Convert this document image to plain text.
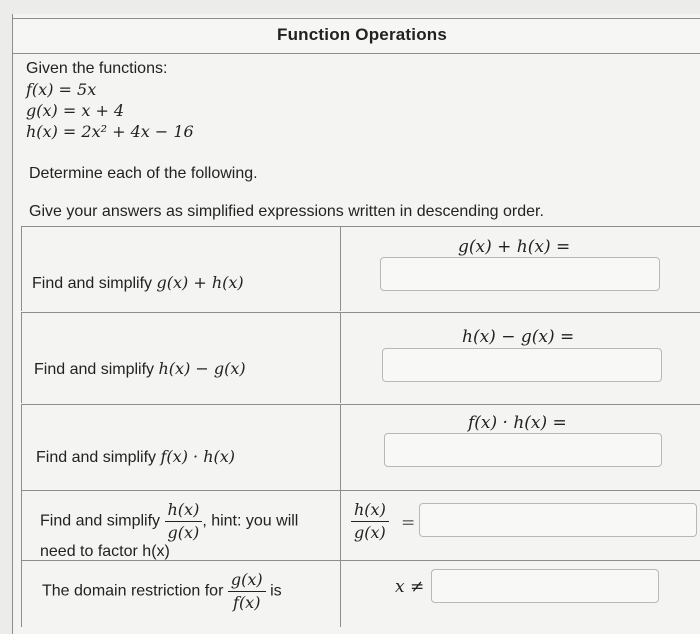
Function Operations
Given the functions:
f(x) = 5x
g(x) = x + 4
h(x) = 2x² + 4x − 16
Determine each of the following.
Give your answers as simplified expressions written in descending order.
Find and simplify g(x) + h(x)
g(x) + h(x) =
Find and simplify h(x) − g(x)
h(x) − g(x) =
Find and simplify f(x) · h(x)
f(x) · h(x) =
Find and simplify $\frac{h(x)}{g(x)}$ , hint: you will
need to factor h(x)
$\frac{h(x)}{g(x)}$ =
The domain restriction for $\frac{g(x)}{f(x)}$ is	x ≠
